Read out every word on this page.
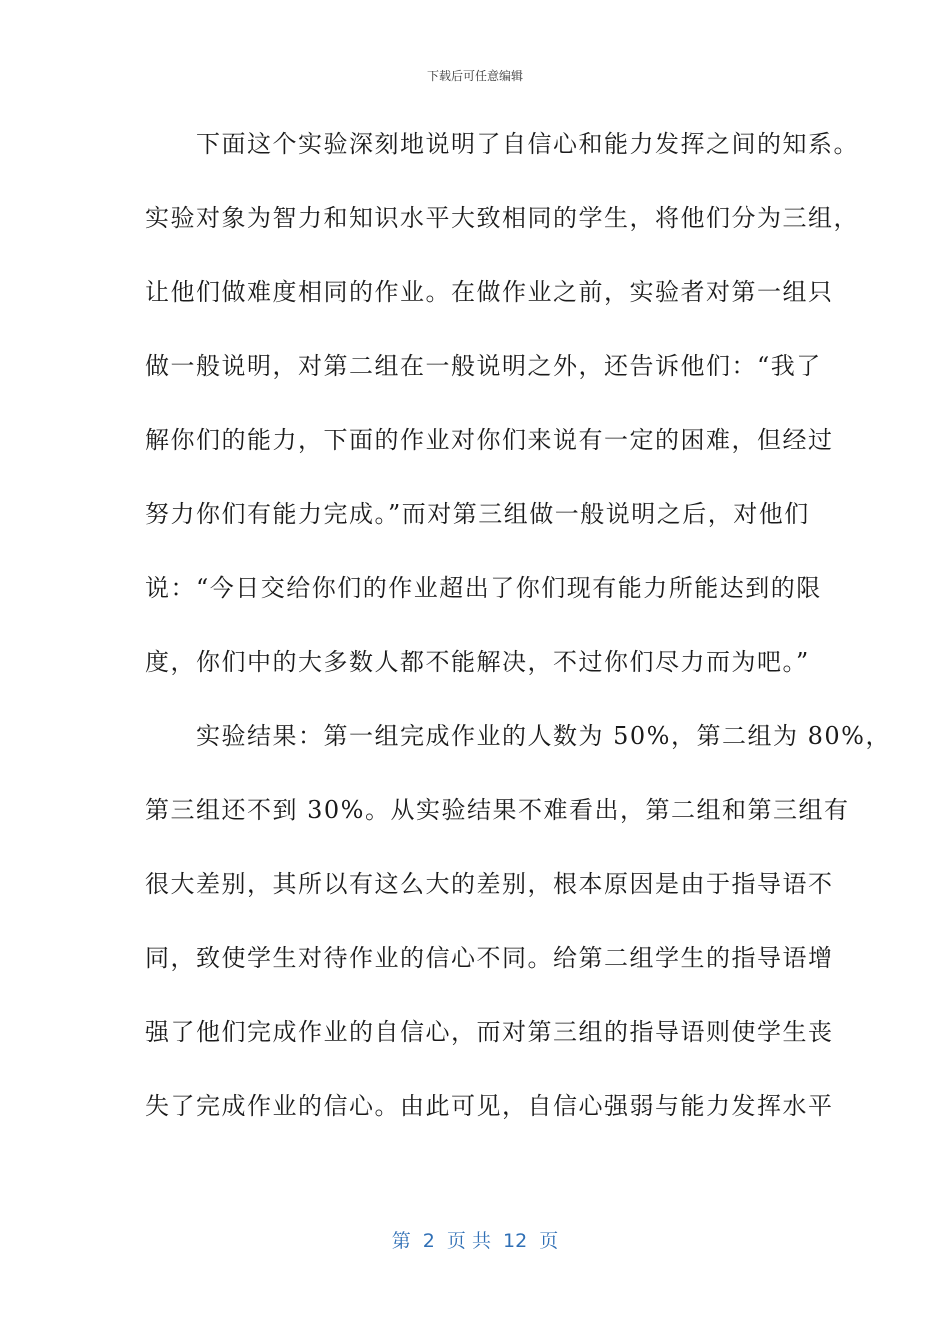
下载后可任意编辑
　　下面这个实验深刻地说明了自信心和能力发挥之间的知系。
实验对象为智力和知识水平大致相同的学生，将他们分为三组，
让他们做难度相同的作业。在做作业之前，实验者对第一组只
做一般说明，对第二组在一般说明之外，还告诉他们：“我了
解你们的能力，下面的作业对你们来说有一定的困难，但经过
努力你们有能力完成。”而对第三组做一般说明之后，对他们
说：“今日交给你们的作业超出了你们现有能力所能达到的限
度，你们中的大多数人都不能解决，不过你们尽力而为吧。”
　　实验结果：第一组完成作业的人数为 50%，第二组为 80%，
第三组还不到 30%。从实验结果不难看出，第二组和第三组有
很大差别，其所以有这么大的差别，根本原因是由于指导语不
同，致使学生对待作业的信心不同。给第二组学生的指导语增
强了他们完成作业的自信心，而对第三组的指导语则使学生丧
失了完成作业的信心。由此可见，自信心强弱与能力发挥水平
第  2  页 共  12  页
